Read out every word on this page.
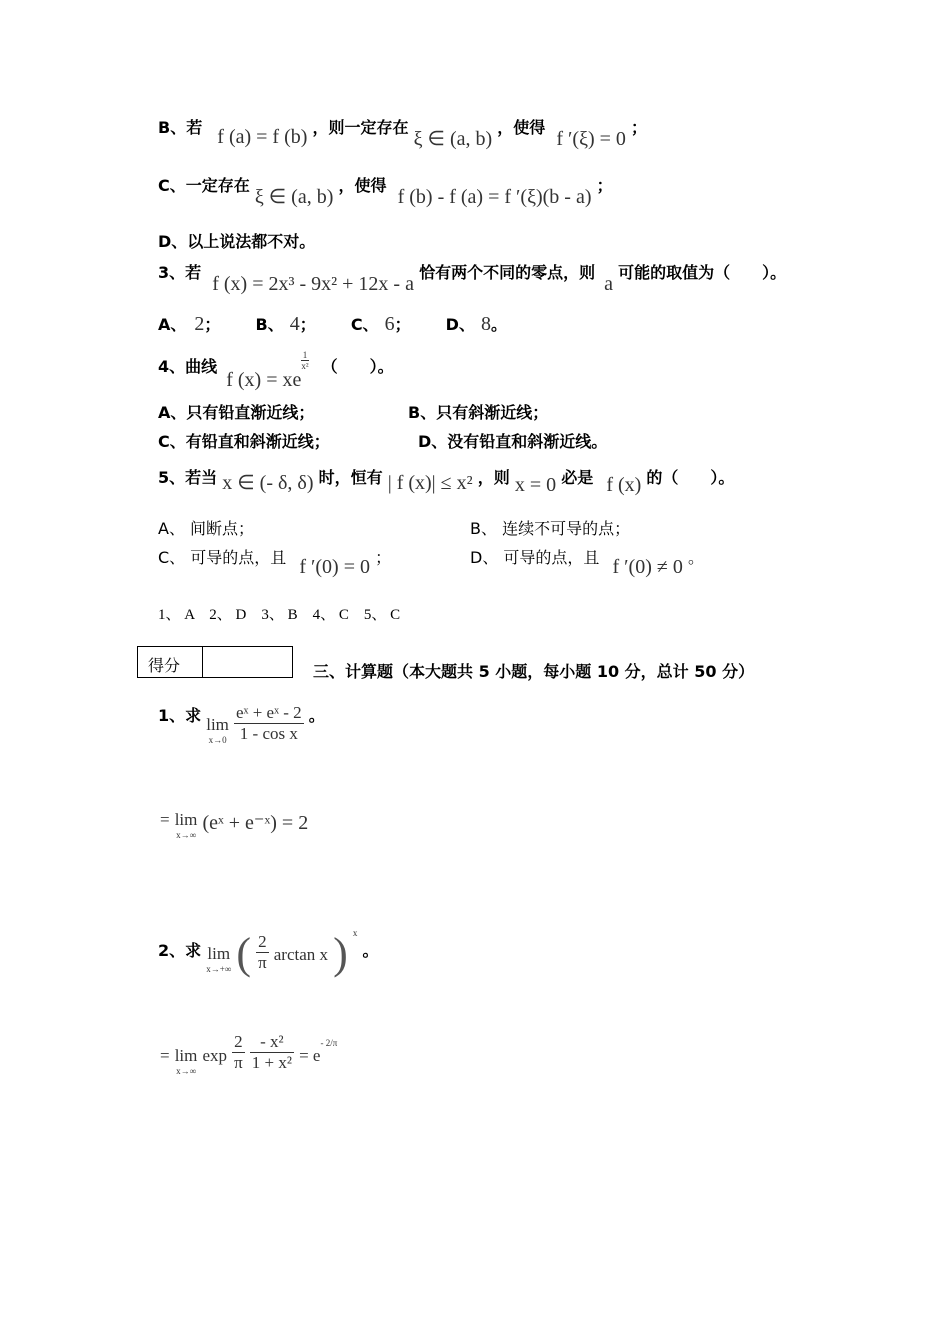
B、若 f (a) = f (b) ，则一定存在 ξ ∈ (a, b) ，使得 f ′(ξ) = 0 ；
C、一定存在 ξ ∈ (a, b) ，使得 f (b) - f (a) = f ′(ξ)(b - a) ；
D、以上说法都不对。
3、若 f (x) = 2x³ - 9x² + 12x - a 恰有两个不同的零点，则 a 可能的取值为（　　）。
A、 2； B、 4； C、 6； D、 8。
4、曲线 f (x) = xe
$\frac{1}{\text{x²}}$ （　　）。
A、只有铅直渐近线；	B、只有斜渐近线；
C、有铅直和斜渐近线；	D、没有铅直和斜渐近线。
5、若当 x ∈ (- δ, δ) 时，恒有 | f (x)| ≤ x² ，则 x = 0 必是 f (x) 的（　　）。
A、 间断点；	B、 连续不可导的点；
C、 可导的点，且 f ′(0) = 0 ；	D、 可导的点，且 f ′(0) ≠ 0 。
1、 A　2、 D　3、 B　4、 C　5、 C
得分	三、计算题（本大题共 5 小题，每小题 10 分，总计 50 分）
1、求 lim
x→0
$\frac{\text{eˣ + eˣ - 2}}{\text{1 - cos x}}$ 。
= lim
x→∞
(eˣ + e⁻ˣ) = 2
2、求 lim
x→+∞ ( $\frac{2}{\pi}$ arctan x ) $^x$ 。
= lim
x→∞
$\exp \frac{2}{\pi}$
$\frac{\text{- x²}}{\text{1 + x²}} = e^{- 2/\pi}$
